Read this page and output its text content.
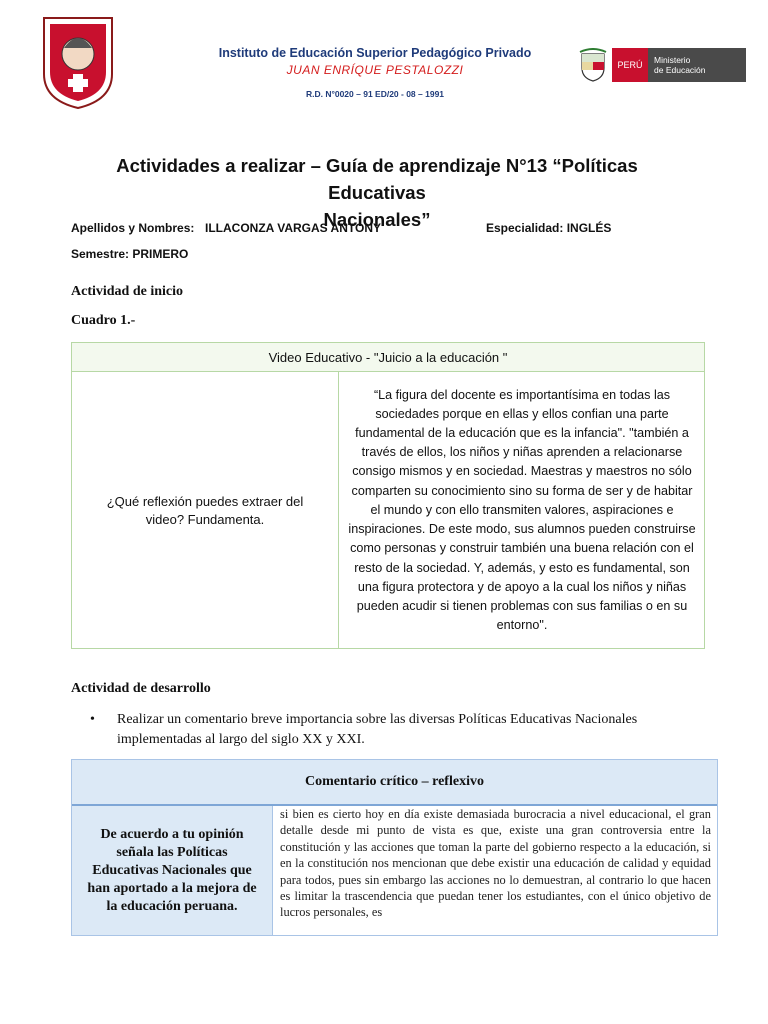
Instituto de Educación Superior Pedagógico Privado
JUAN ENRÍQUE PESTALOZZI
R.D. N°0020 – 91 ED/20 - 08 – 1991
PERÚ	Ministerio
de Educación
Actividades a realizar – Guía de aprendizaje N°13 “Políticas Educativas
Nacionales”
Apellidos y Nombres: ILLACONZA VARGAS ANTONY	Especialidad: INGLÉS
Semestre: PRIMERO
Actividad de inicio
Cuadro 1.-
Video Educativo - "Juicio a la educación "
¿Qué reflexión puedes extraer del video? Fundamenta.
“La figura del docente es importantísima en todas las sociedades porque en ellas y ellos confian una parte fundamental de la educación que es la infancia". "también a través de ellos, los niños y niñas aprenden a relacionarse consigo mismos y en sociedad. Maestras y maestros no sólo comparten su conocimiento sino su forma de ser y de habitar el mundo y con ello transmiten valores, aspiraciones e inspiraciones. De este modo, sus alumnos pueden construirse como personas y construir también una buena relación con el resto de la sociedad. Y, además, y esto es fundamental, son una figura protectora y de apoyo a la cual los niños y niñas pueden acudir si tienen problemas con sus familias o en su entorno".
Actividad de desarrollo
• Realizar un comentario breve importancia sobre las diversas Políticas Educativas Nacionales implementadas al largo del siglo XX y XXI.
Comentario crítico – reflexivo
De acuerdo a tu opinión señala las Políticas Educativas Nacionales que han aportado a la mejora de la educación peruana.
si bien es cierto hoy en día existe demasiada burocracia a nivel educacional, el gran detalle desde mi punto de vista es que, existe una gran controversia entre la constitución y las acciones que toman la parte del gobierno respecto a la educación, si en la constitución nos mencionan que debe existir una educación de calidad y equidad para todos, pues sin embargo las acciones no lo demuestran, al contrario lo que hacen es limitar la trascendencia que puedan tener los estudiantes, con el único objetivo de lucros personales, es
